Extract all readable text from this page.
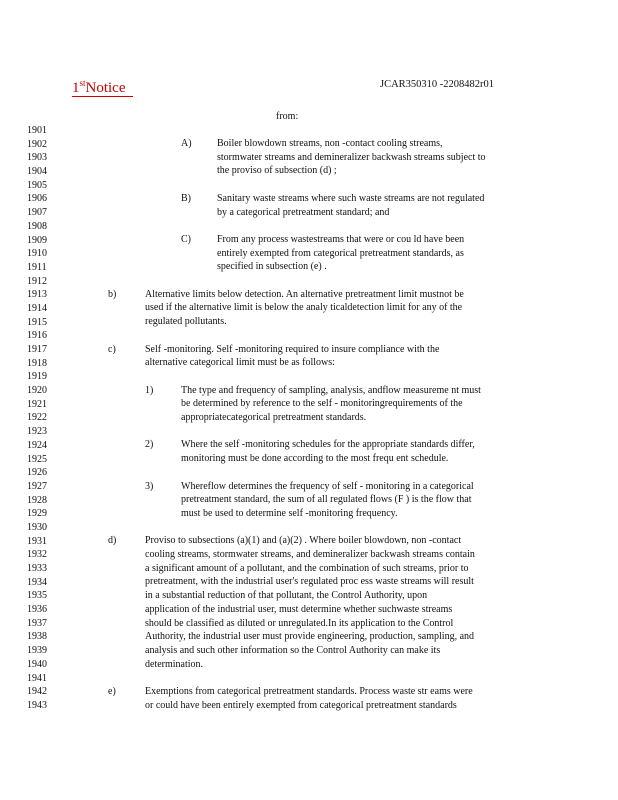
1stNotice	JCAR350310 -2208482r01
1901
1902
1903
1904
1905
1906
1907
1908
1909
1910
1911
1912
1913
1914
1915
1916
1917
1918
1919
1920
1921
1922
1923
1924
1925
1926
1927
1928
1929
1930
1931
1932
1933
1934
1935
1936
1937
1938
1939
1940
1941
1942
1943
from:
A)	Boiler blowdown streams, non -contact cooling streams,
stormwater streams and demineralizer backwash streams subject to
the proviso of subsection (d) ;
B)	Sanitary waste streams where such waste streams are not regulated
by a categorical pretreatment standard; and
C)	From any process wastestreams that were or cou ld have been
entirely exempted from categorical pretreatment standards, as
specified in subsection (e) .
b)	Alternative limits below detection. An alternative pretreatment limit mustnot be
used if the alternative limit is below the analy ticaldetection limit for any of the
regulated pollutants.
c)	Self -monitoring. Self -monitoring required to insure compliance with the
alternative categorical limit must be as follows:
1)	The type and frequency of sampling, analysis, andflow measureme nt must
be determined by reference to the self - monitoringrequirements of the
appropriatecategorical pretreatment standards.
2)	Where the self -monitoring schedules for the appropriate standards differ,
monitoring must be done according to the most frequ ent schedule.
3)	Whereflow determines the frequency of self - monitoring in a categorical
pretreatment standard, the sum of all regulated flows (F ) is the flow that
must be used to determine self -monitoring frequency.
d)	Proviso to subsections (a)(1) and (a)(2) . Where boiler blowdown, non -contact
cooling streams, stormwater streams, and demineralizer backwash streams contain
a significant amount of a pollutant, and the combination of such streams, prior to
pretreatment, with the industrial user's regulated proc ess waste streams will result
in a substantial reduction of that pollutant, the Control Authority, upon
application of the industrial user, must determine whether suchwaste streams
should be classified as diluted or unregulated.In its application to the Control
Authority, the industrial user must provide engineering, production, sampling, and
analysis and such other information so the Control Authority can make its
determination.
e)	Exemptions from categorical pretreatment standards. Process waste str eams were
or could have been entirely exempted from categorical pretreatment standards
